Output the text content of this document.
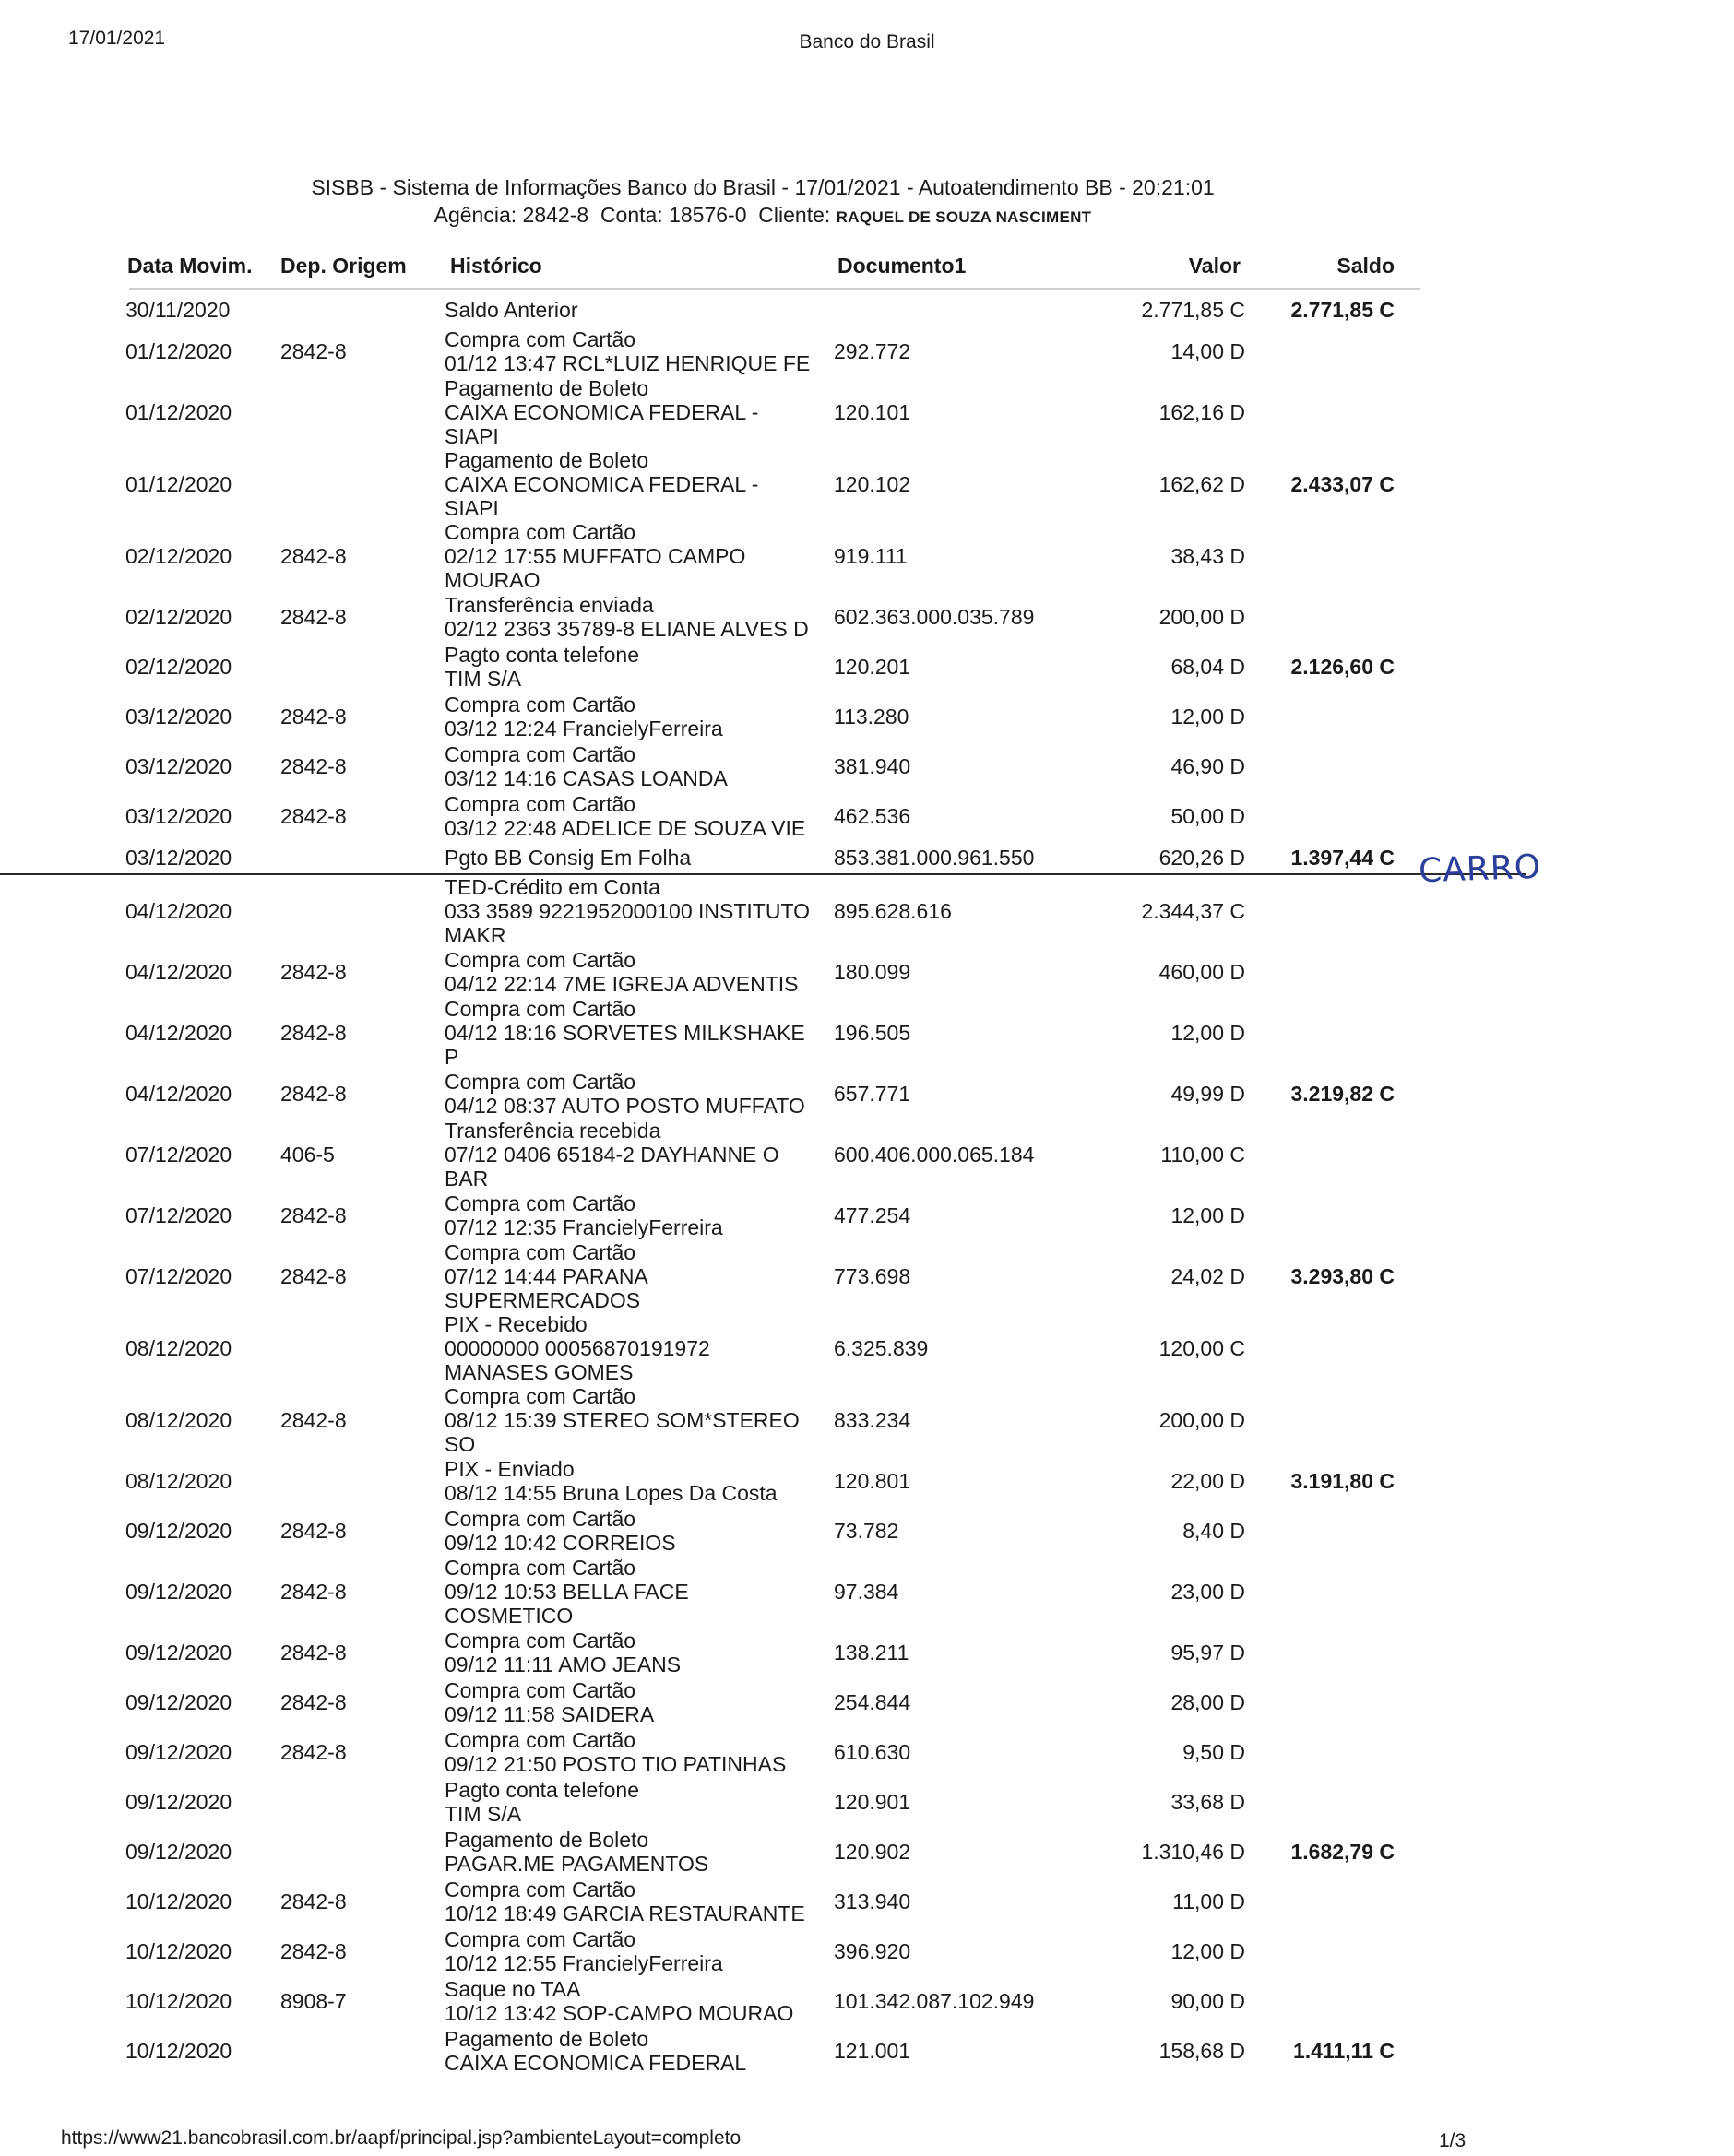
17/01/2021	Banco do Brasil
SISBB - Sistema de Informações Banco do Brasil - 17/01/2021 - Autoatendimento BB - 20:21:01
Agência: 2842-8 Conta: 18576-0 Cliente: RAQUEL DE SOUZA NASCIMENT
Data Movim. Dep. Origem Histórico	Documento1	Valor	Saldo
30/11/2020		Saldo Anterior		2.771,85 C	2.771,85 C	
01/12/2020	2842-8	Compra com Cartão
01/12 13:47 RCL*LUIZ HENRIQUE FE	292.772	14,00 D		
01/12/2020		Pagamento de Boleto
CAIXA ECONOMICA FEDERAL -
SIAPI	120.101	162,16 D		
01/12/2020		Pagamento de Boleto
CAIXA ECONOMICA FEDERAL -
SIAPI	120.102	162,62 D	2.433,07 C	
02/12/2020	2842-8	Compra com Cartão
02/12 17:55 MUFFATO CAMPO
MOURAO	919.111	38,43 D		
02/12/2020	2842-8	Transferência enviada
02/12 2363 35789-8 ELIANE ALVES D	602.363.000.035.789	200,00 D		
02/12/2020		Pagto conta telefone
TIM S/A	120.201	68,04 D	2.126,60 C	
03/12/2020	2842-8	Compra com Cartão
03/12 12:24 FrancielyFerreira	113.280	12,00 D		
03/12/2020	2842-8	Compra com Cartão
03/12 14:16 CASAS LOANDA	381.940	46,90 D		
03/12/2020	2842-8	Compra com Cartão
03/12 22:48 ADELICE DE SOUZA VIE	462.536	50,00 D		
03/12/2020		Pgto BB Consig Em Folha	853.381.000.961.550	620,26 D	1.397,44 C	
04/12/2020		TED-Crédito em Conta
033 3589 9221952000100 INSTITUTO
MAKR	895.628.616	2.344,37 C		
04/12/2020	2842-8	Compra com Cartão
04/12 22:14 7ME IGREJA ADVENTIS	180.099	460,00 D		
04/12/2020	2842-8	Compra com Cartão
04/12 18:16 SORVETES MILKSHAKE
P	196.505	12,00 D		
04/12/2020	2842-8	Compra com Cartão
04/12 08:37 AUTO POSTO MUFFATO	657.771	49,99 D	3.219,82 C	
07/12/2020	406-5	Transferência recebida
07/12 0406 65184-2 DAYHANNE O
BAR	600.406.000.065.184	110,00 C		
07/12/2020	2842-8	Compra com Cartão
07/12 12:35 FrancielyFerreira	477.254	12,00 D		
07/12/2020	2842-8	Compra com Cartão
07/12 14:44 PARANA
SUPERMERCADOS	773.698	24,02 D	3.293,80 C	
08/12/2020		PIX - Recebido
00000000 00056870191972
MANASES GOMES	6.325.839	120,00 C		
08/12/2020	2842-8	Compra com Cartão
08/12 15:39 STEREO SOM*STEREO
SO	833.234	200,00 D		
08/12/2020		PIX - Enviado
08/12 14:55 Bruna Lopes Da Costa	120.801	22,00 D	3.191,80 C	
09/12/2020	2842-8	Compra com Cartão
09/12 10:42 CORREIOS	73.782	8,40 D		
09/12/2020	2842-8	Compra com Cartão
09/12 10:53 BELLA FACE
COSMETICO	97.384	23,00 D		
09/12/2020	2842-8	Compra com Cartão
09/12 11:11 AMO JEANS	138.211	95,97 D		
09/12/2020	2842-8	Compra com Cartão
09/12 11:58 SAIDERA	254.844	28,00 D		
09/12/2020	2842-8	Compra com Cartão
09/12 21:50 POSTO TIO PATINHAS	610.630	9,50 D		
09/12/2020		Pagto conta telefone
TIM S/A	120.901	33,68 D		
09/12/2020		Pagamento de Boleto
PAGAR.ME PAGAMENTOS	120.902	1.310,46 D	1.682,79 C	
10/12/2020	2842-8	Compra com Cartão
10/12 18:49 GARCIA RESTAURANTE	313.940	11,00 D		
10/12/2020	2842-8	Compra com Cartão
10/12 12:55 FrancielyFerreira	396.920	12,00 D		
10/12/2020	8908-7	Saque no TAA
10/12 13:42 SOP-CAMPO MOURAO	101.342.087.102.949	90,00 D		
10/12/2020		Pagamento de Boleto
CAIXA ECONOMICA FEDERAL	121.001	158,68 D	1.411,11 C	
CARRO
https://www21.bancobrasil.com.br/aapf/principal.jsp?ambienteLayout=completo	1/3
